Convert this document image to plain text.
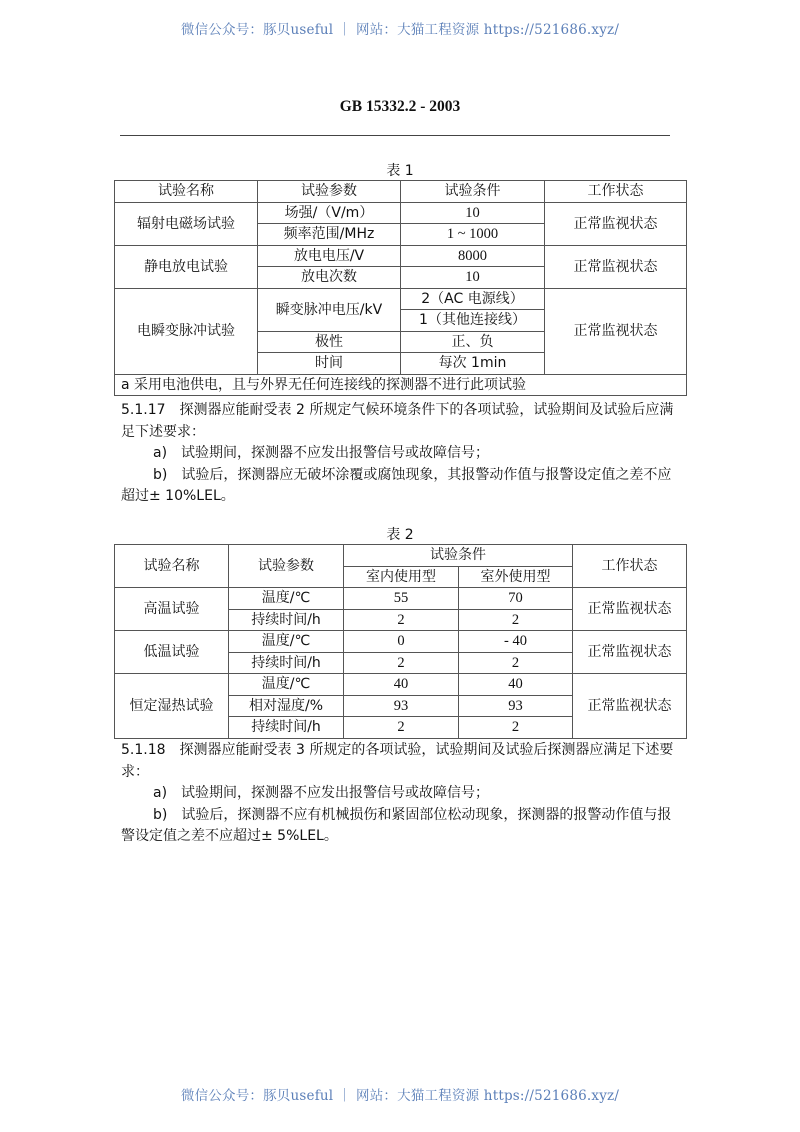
微信公众号：豚贝useful ｜ 网站：大猫工程资源 https://521686.xyz/
GB 15332.2 - 2003
表 1
试验名称	试验参数	试验条件	工作状态
辐射电磁场试验	场强/（V/m）	10	正常监视状态
	频率范围/MHz	1 ~ 1000	
静电放电试验	放电电压/V	8000	正常监视状态
	放电次数	10	
电瞬变脉冲试验	瞬变脉冲电压/kV	2（AC 电源线）	正常监视状态
		1（其他连接线）	
	极性	正、负	
	时间	每次 1min	

a 采用电池供电，且与外界无任何连接线的探测器不进行此项试验			

5.1.17　探测器应能耐受表 2 所规定气候环境条件下的各项试验，试验期间及试验后应满足下述要求：

a)　试验期间，探测器不应发出报警信号或故障信号；

b)　试验后，探测器应无破坏涂覆或腐蚀现象，其报警动作值与报警设定值之差不应超过± 10%LEL。

表 2
试验名称	试验参数	试验条件		工作状态
		室内使用型	室外使用型	
高温试验	温度/℃	55	70	正常监视状态
	持续时间/h	2	2	
低温试验	温度/℃	0	- 40	正常监视状态
	持续时间/h	2	2	
恒定湿热试验	温度/℃	40	40	正常监视状态
	相对湿度/%	93	93	
	持续时间/h	2	2	

5.1.18　探测器应能耐受表 3 所规定的各项试验，试验期间及试验后探测器应满足下述要求：

a)　试验期间，探测器不应发出报警信号或故障信号；

b)　试验后，探测器不应有机械损伤和紧固部位松动现象，探测器的报警动作值与报警设定值之差不应超过± 5%LEL。

微信公众号：豚贝useful ｜ 网站：大猫工程资源 https://521686.xyz/
